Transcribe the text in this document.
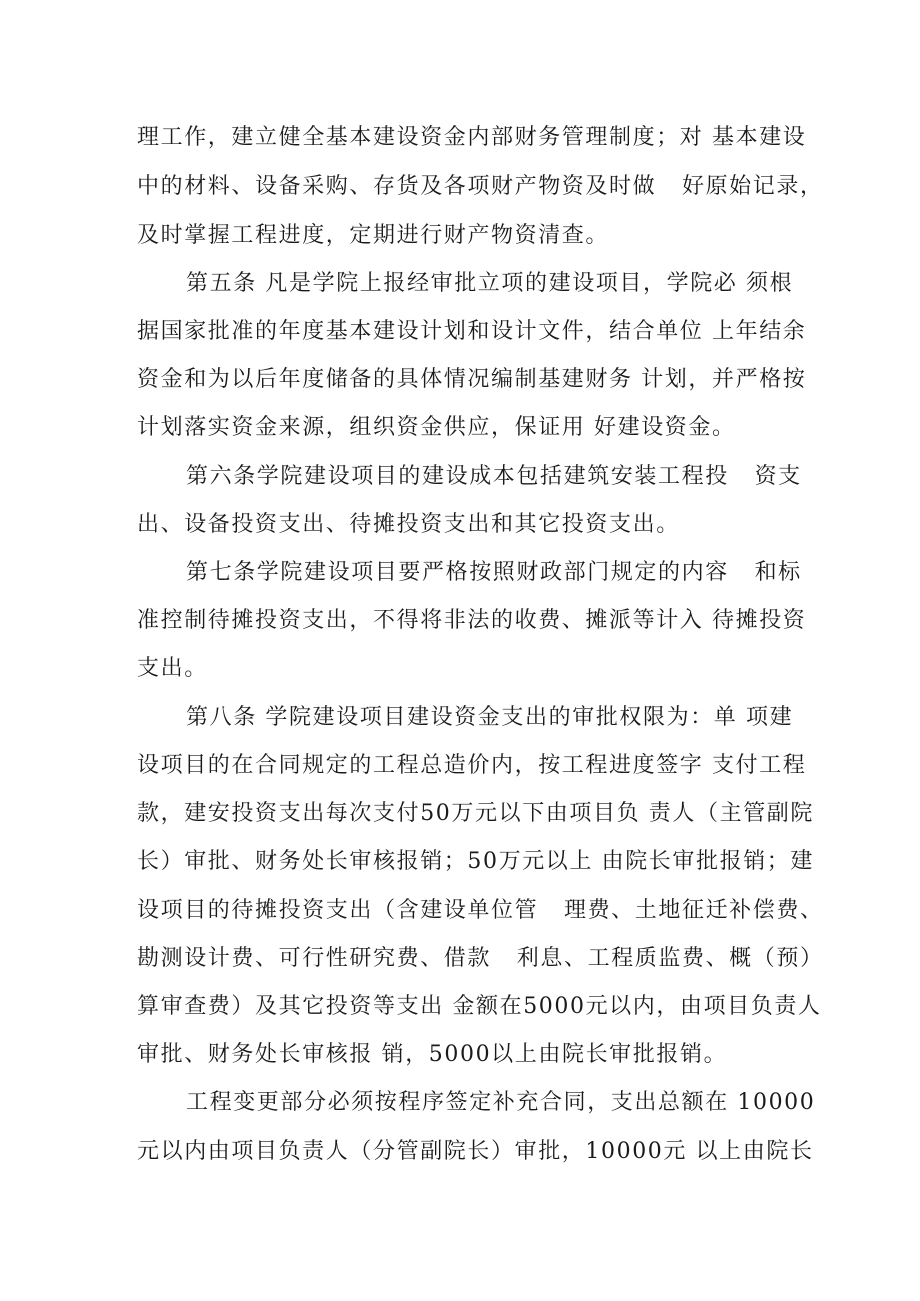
理工作，建立健全基本建设资金内部财务管理制度；对 基本建设
中的材料、设备采购、存货及各项财产物资及时做   好原始记录，
及时掌握工程进度，定期进行财产物资清查。
第五条 凡是学院上报经审批立项的建设项目，学院必 须根
据国家批准的年度基本建设计划和设计文件，结合单位 上年结余
资金和为以后年度储备的具体情况编制基建财务 计划，并严格按
计划落实资金来源，组织资金供应，保证用 好建设资金。
第六条学院建设项目的建设成本包括建筑安装工程投   资支
出、设备投资支出、待摊投资支出和其它投资支出。
第七条学院建设项目要严格按照财政部门规定的内容   和标
准控制待摊投资支出，不得将非法的收费、摊派等计入 待摊投资
支出。
第八条 学院建设项目建设资金支出的审批权限为：单 项建
设项目的在合同规定的工程总造价内，按工程进度签字 支付工程
款，建安投资支出每次支付50万元以下由项目负 责人（主管副院
长）审批、财务处长审核报销；50万元以上 由院长审批报销；建
设项目的待摊投资支出（含建设单位管   理费、土地征迁补偿费、
勘测设计费、可行性研究费、借款   利息、工程质监费、概（预）
算审查费）及其它投资等支出 金额在5000元以内，由项目负责人
审批、财务处长审核报 销，5000以上由院长审批报销。
工程变更部分必须按程序签定补充合同，支出总额在 10000
元以内由项目负责人（分管副院长）审批，10000元 以上由院长
